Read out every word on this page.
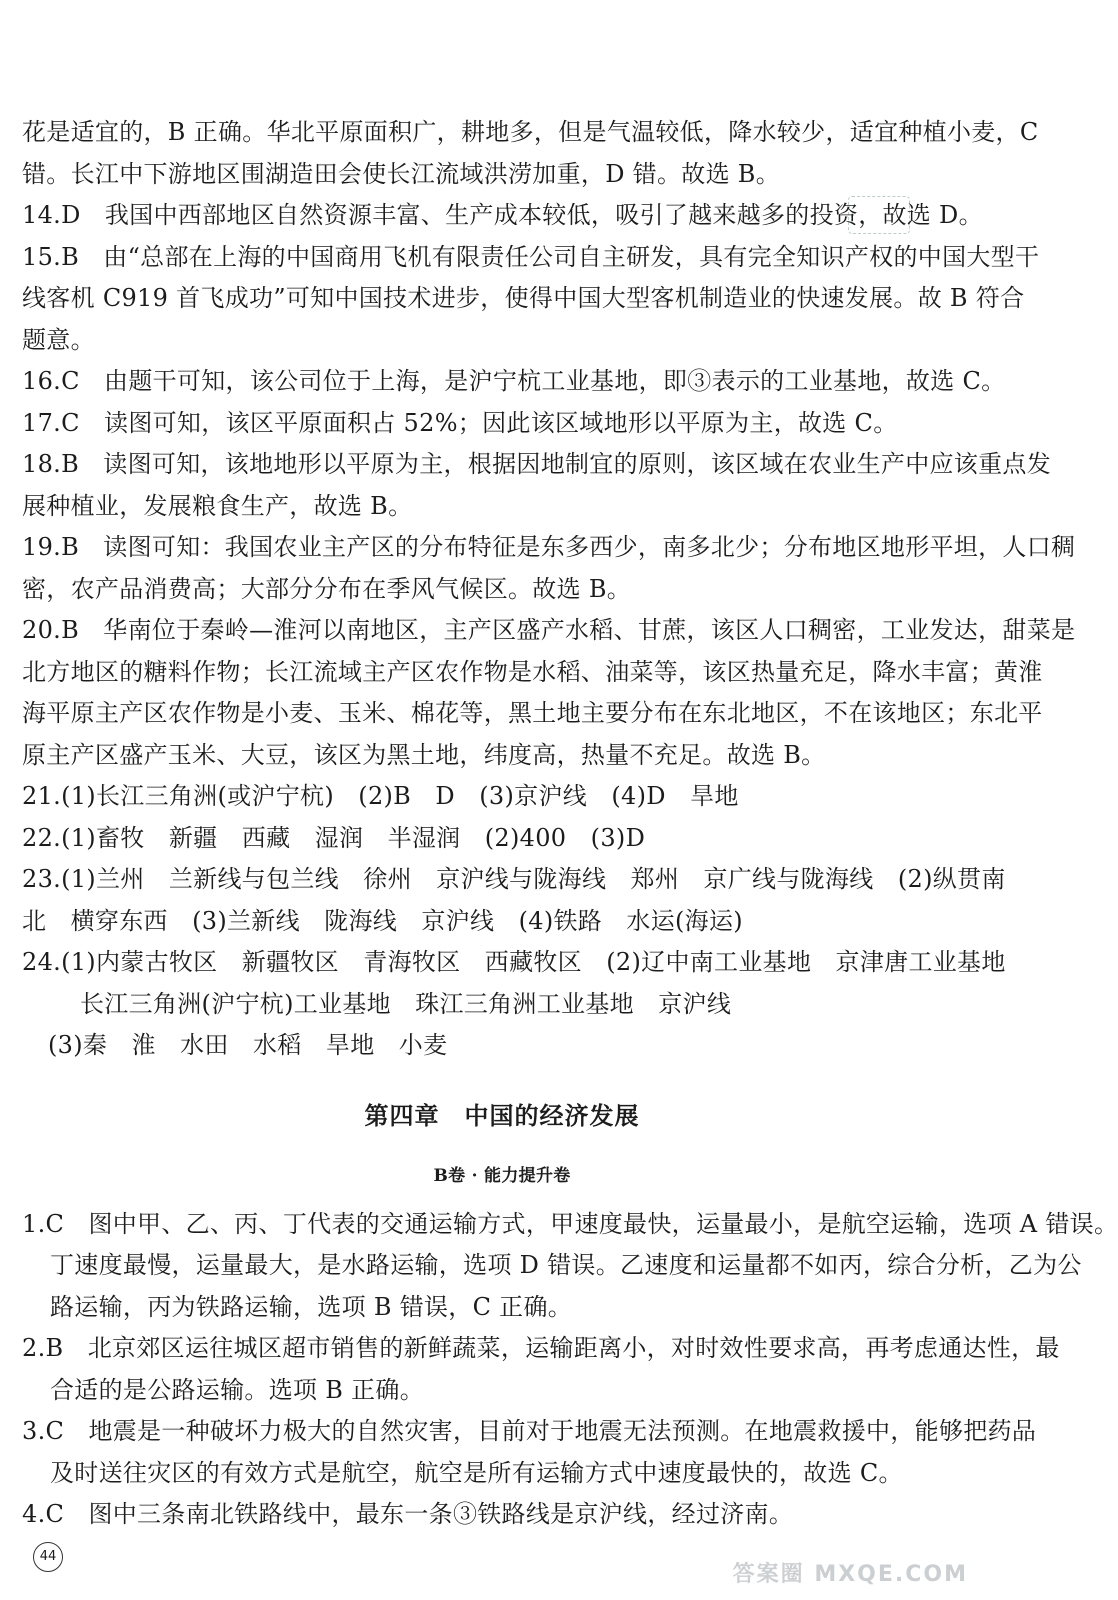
花是适宜的，B 正确。华北平原面积广，耕地多，但是气温较低，降水较少，适宜种植小麦，C
错。长江中下游地区围湖造田会使长江流域洪涝加重，D 错。故选 B。

14.D　我国中西部地区自然资源丰富、生产成本较低，吸引了越来越多的投资，故选 D。

15.B　由“总部在上海的中国商用飞机有限责任公司自主研发，具有完全知识产权的中国大型干
线客机 C919 首飞成功”可知中国技术进步，使得中国大型客机制造业的快速发展。故 B 符合
题意。

16.C　由题干可知，该公司位于上海，是沪宁杭工业基地，即③表示的工业基地，故选 C。

17.C　读图可知，该区平原面积占 52%；因此该区域地形以平原为主，故选 C。

18.B　读图可知，该地地形以平原为主，根据因地制宜的原则，该区域在农业生产中应该重点发
展种植业，发展粮食生产，故选 B。

19.B　读图可知：我国农业主产区的分布特征是东多西少，南多北少；分布地区地形平坦，人口稠
密，农产品消费高；大部分分布在季风气候区。故选 B。

20.B　华南位于秦岭—淮河以南地区，主产区盛产水稻、甘蔗，该区人口稠密，工业发达，甜菜是
北方地区的糖料作物；长江流域主产区农作物是水稻、油菜等，该区热量充足，降水丰富；黄淮
海平原主产区农作物是小麦、玉米、棉花等，黑土地主要分布在东北地区，不在该地区；东北平
原主产区盛产玉米、大豆，该区为黑土地，纬度高，热量不充足。故选 B。

21.(1)长江三角洲(或沪宁杭)　(2)B　D　(3)京沪线　(4)D　旱地

22.(1)畜牧　新疆　西藏　湿润　半湿润　(2)400　(3)D

23.(1)兰州　兰新线与包兰线　徐州　京沪线与陇海线　郑州　京广线与陇海线　(2)纵贯南
北　横穿东西　(3)兰新线　陇海线　京沪线　(4)铁路　水运(海运)

24.(1)内蒙古牧区　新疆牧区　青海牧区　西藏牧区　(2)辽中南工业基地　京津唐工业基地
长江三角洲(沪宁杭)工业基地　珠江三角洲工业基地　京沪线
(3)秦　淮　水田　水稻　旱地　小麦

第四章　中国的经济发展
B卷 · 能力提升卷

1.C　图中甲、乙、丙、丁代表的交通运输方式，甲速度最快，运量最小，是航空运输，选项 A 错误。
丁速度最慢，运量最大，是水路运输，选项 D 错误。乙速度和运量都不如丙，综合分析，乙为公
路运输，丙为铁路运输，选项 B 错误，C 正确。

2.B　北京郊区运往城区超市销售的新鲜蔬菜，运输距离小，对时效性要求高，再考虑通达性，最
合适的是公路运输。选项 B 正确。

3.C　地震是一种破坏力极大的自然灾害，目前对于地震无法预测。在地震救援中，能够把药品
及时送往灾区的有效方式是航空，航空是所有运输方式中速度最快的，故选 C。

4.C　图中三条南北铁路线中，最东一条③铁路线是京沪线，经过济南。

44
答案圈 MXQE.COM
